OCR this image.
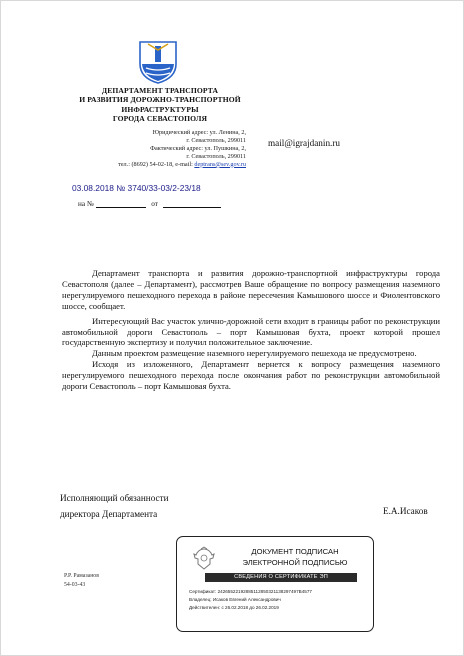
ДЕПАРТАМЕНТ ТРАНСПОРТА
И РАЗВИТИЯ ДОРОЖНО-ТРАНСПОРТНОЙ
ИНФРАСТРУКТУРЫ
ГОРОДА СЕВАСТОПОЛЯ
Юридический адрес: ул. Ленина, 2,
г. Севастополь, 299011
Фактический адрес: ул. Пушкина, 2,
г. Севастополь, 299011
тел.: (8692) 54-02-18, e-mail: deptrans@sev.gov.ru
mail@igrajdanin.ru
03.08.2018 № 3740/33-03/2-23/18
на №	от

Департамент транспорта и развития дорожно-транспортной инфраструктуры города Севастополя (далее – Департамент), рассмотрев Ваше обращение по вопросу размещения наземного нерегулируемого пешеходного перехода в районе пересечения Камышового шоссе и Фиолентовского шоссе, сообщает.

Интересующий Вас участок улично-дорожной сети входит в границы работ по реконструкции автомобильной дороги Севастополь – порт Камышовая бухта, проект которой прошел государственную экспертизу и получил положительное заключение.

Данным проектом размещение наземного нерегулируемого пешехода не предусмотрено.

Исходя из изложенного, Департамент вернется к вопросу размещения наземного нерегулируемого пешеходного перехода после окончания работ по реконструкции автомобильной дороги Севастополь – порт Камышовая бухта.

Исполняющий обязанности
директора Департамента	Е.А.Исаков
ДОКУМЕНТ ПОДПИСАН
ЭЛЕКТРОННОЙ ПОДПИСЬЮ
СВЕДЕНИЯ О СЕРТИФИКАТЕ ЭП
Сертификат: 24265522192885112850321138297497B4577
Владелец: Исаков Евгений Александрович
Действителен: с 26.02.2018 до 26.02.2019
Р.Р. Рамазанов
54-03-43
